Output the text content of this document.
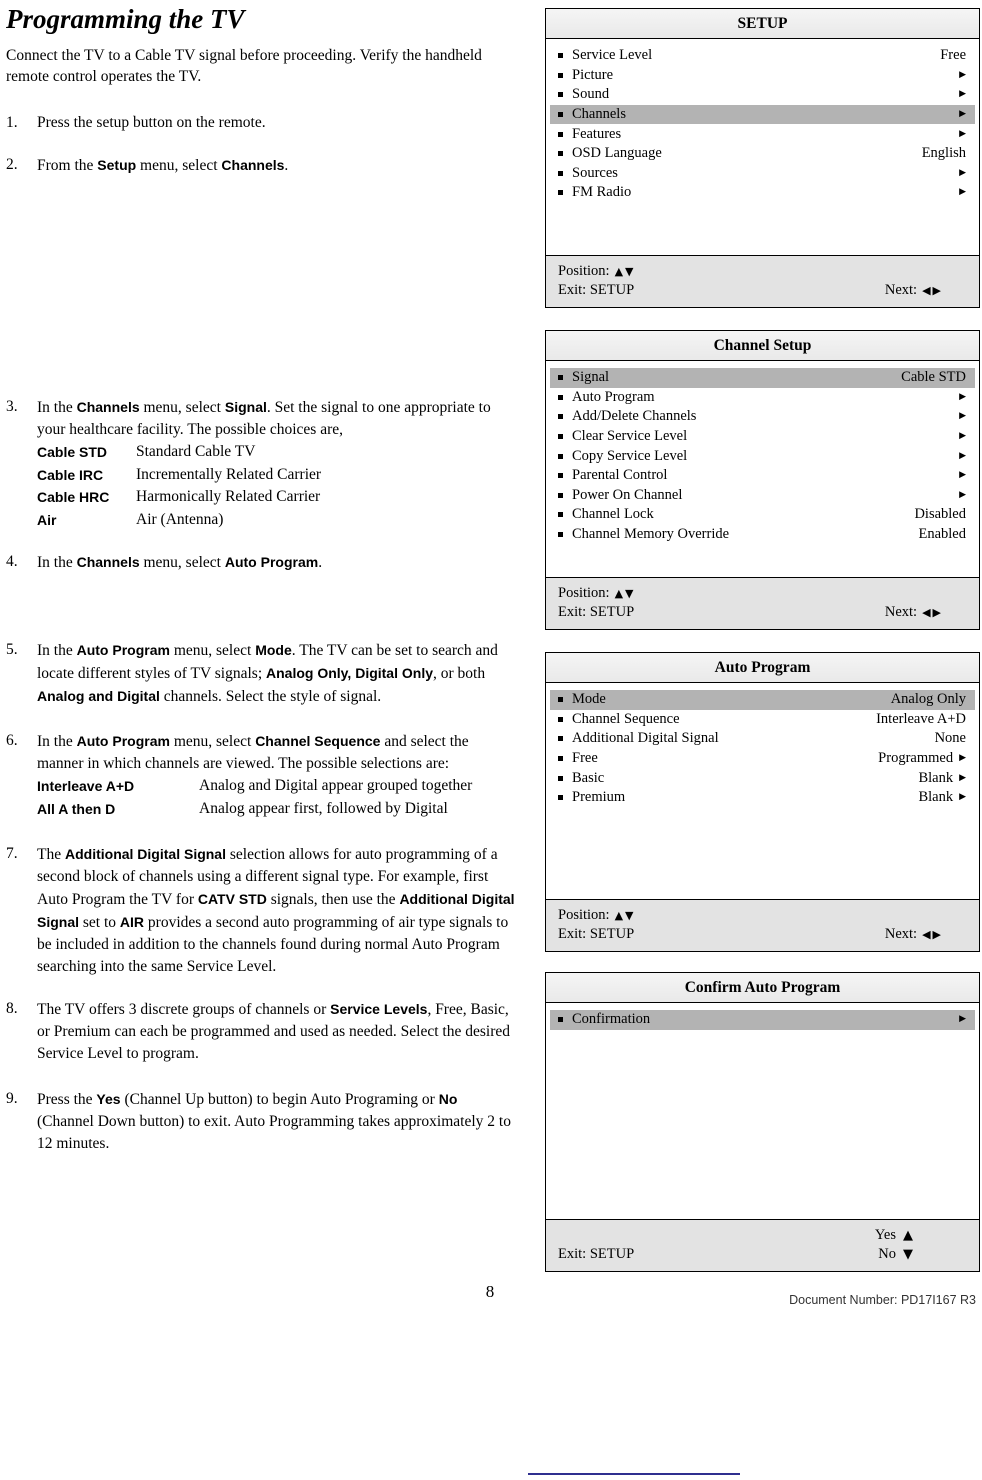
Programming the TV

Connect the TV to a Cable TV signal before proceeding. Verify the handheld remote control operates the TV.

1.	Press the setup button on the remote.
2.	From the Setup menu, select Channels.
3.	In the Channels menu, select Signal. Set the signal to one appropriate to your healthcare facility. The possible choices are,
Cable STD	Standard Cable TV
Cable IRC	Incrementally Related Carrier
Cable HRC	Harmonically Related Carrier
Air	Air (Antenna)
4.	In the Channels menu, select Auto Program.
5.	In the Auto Program menu, select Mode. The TV can be set to search and locate different styles of TV signals; Analog Only, Digital Only, or both Analog and Digital channels. Select the style of signal.
6.	In the Auto Program menu, select Channel Sequence and select the manner in which channels are viewed. The possible selections are:
Interleave A+D	Analog and Digital appear grouped together
All A then D	Analog appear first, followed by Digital
7.	The Additional Digital Signal selection allows for auto programming of a second block of channels using a different signal type. For example, first Auto Program the TV for CATV STD signals, then use the Additional Digital Signal set to AIR provides a second auto programming of air type signals to be included in addition to the channels found during normal Auto Program searching into the same Service Level.
8.	The TV offers 3 discrete groups of channels or Service Levels, Free, Basic, or Premium can each be programmed and used as needed. Select the desired Service Level to program.
9.	Press the Yes (Channel Up button) to begin Auto Programing or No (Channel Down button) to exit. Auto Programming takes approximately 2 to 12 minutes.
SETUP
Service Level	Free
Picture	▶
Sound	▶
Channels	▶
Features	▶
OSD Language	English
Sources	▶
FM Radio	▶
Position: ▲▼
Exit: SETUP	Next: ◀▶
Channel Setup
Signal	Cable STD
Auto Program	▶
Add/Delete Channels	▶
Clear Service Level	▶
Copy Service Level	▶
Parental Control	▶
Power On Channel	▶
Channel Lock	Disabled
Channel Memory Override	Enabled
Position: ▲▼
Exit: SETUP	Next: ◀▶
Auto Program
Mode	Analog Only
Channel Sequence	Interleave A+D
Additional Digital Signal	None
Free	Programmed ▶
Basic	Blank ▶
Premium	Blank ▶
Position: ▲▼
Exit: SETUP	Next: ◀▶
Confirm Auto Program
Confirmation	▶
Yes ▲
Exit: SETUP	No ▼
8	Document Number: PD17I167 R3
